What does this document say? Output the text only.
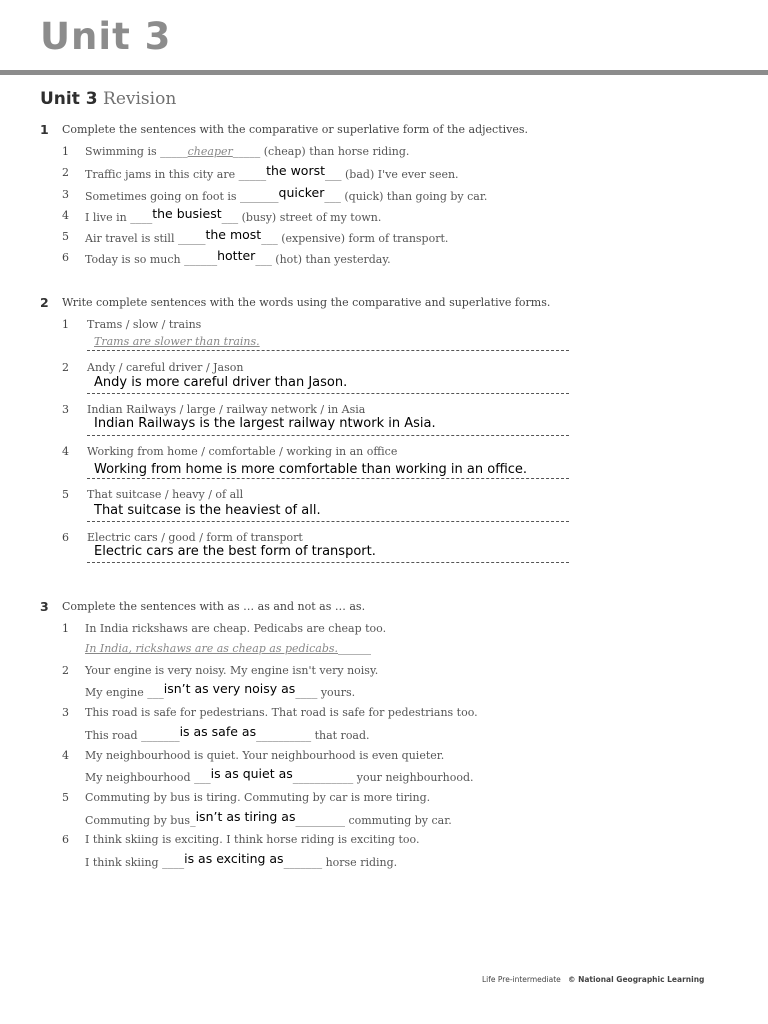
Unit 3
Unit 3 Revision
1 Complete the sentences with the comparative or superlative form of the adjectives.
1 Swimming is _____cheaper_____ (cheap) than horse riding.
2 Traffic jams in this city are _____the worst___ (bad) I've ever seen.
3 Sometimes going on foot is _______quicker___ (quick) than going by car.
4 I live in ____the busiest___ (busy) street of my town.
5 Air travel is still _____the most___ (expensive) form of transport.
6 Today is so much ______hotter___ (hot) than yesterday.
2 Write complete sentences with the words using the comparative and superlative forms.
1 Trams / slow / trains
Trams are slower than trains.
2 Andy / careful driver / Jason
Andy is more careful driver than Jason.
3 Indian Railways / large / railway network / in Asia
Indian Railways is the largest railway ntwork in Asia.
4 Working from home / comfortable / working in an office
Working from home is more comfortable than working in an office.
5 That suitcase / heavy / of all
That suitcase is the heaviest of all.
6 Electric cars / good / form of transport
Electric cars are the best form of transport.
3 Complete the sentences with as … as and not as … as.
1 In India rickshaws are cheap. Pedicabs are cheap too.
In India, rickshaws are as cheap as pedicabs.______
2 Your engine is very noisy. My engine isn't very noisy.
My engine ___isn’t as very noisy as____ yours.
3 This road is safe for pedestrians. That road is safe for pedestrians too.
This road _______is as safe as__________ that road.
4 My neighbourhood is quiet. Your neighbourhood is even quieter.
My neighbourhood ___is as quiet as___________ your neighbourhood.
5 Commuting by bus is tiring. Commuting by car is more tiring.
Commuting by bus_isn’t as tiring as_________ commuting by car.
6 I think skiing is exciting. I think horse riding is exciting too.
I think skiing ____is as exciting as_______ horse riding.
Life Pre-intermediate © National Geographic Learning
